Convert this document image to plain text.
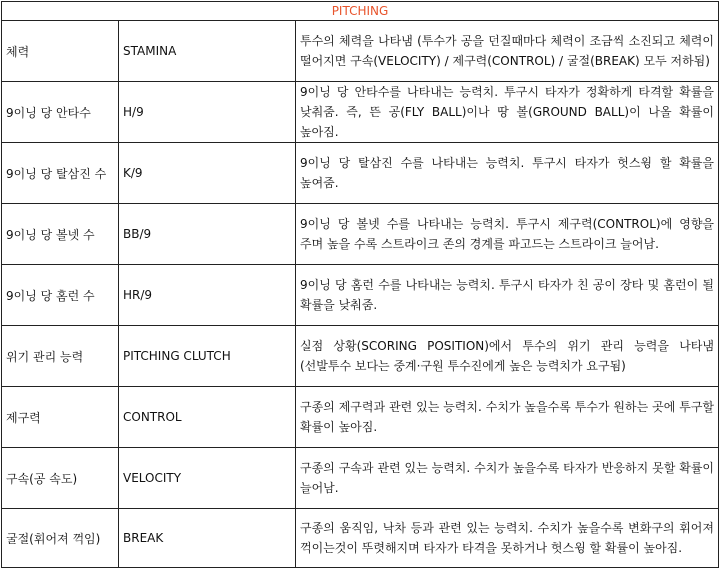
PITCHING		
체력	STAMINA	투수의 체력을 나타냄 (투수가 공을 던질때마다 체력이 조금씩 소진되고 체력이 떨어지면 구속(VELOCITY) / 제구력(CONTROL) / 굴절(BREAK) 모두 저하됨)
9이닝 당 안타수	H/9	9이닝 당 안타수를 나타내는 능력치. 투구시 타자가 정확하게 타격할 확률을 낮춰줌. 즉, 뜬 공(FLY BALL)이나 땅 볼(GROUND BALL)이 나올 확률이 높아짐.
9이닝 당 탈삼진 수	K/9	9이닝 당 탈삼진 수를 나타내는 능력치. 투구시 타자가 헛스윙 할 확률을 높여줌.
9이닝 당 볼넷 수	BB/9	9이닝 당 볼넷 수를 나타내는 능력치. 투구시 제구력(CONTROL)에 영향을 주며 높을 수록 스트라이크 존의 경계를 파고드는 스트라이크 늘어남.
9이닝 당 홈런 수	HR/9	9이닝 당 홈런 수를 나타내는 능력치. 투구시 타자가 친 공이 장타 및 홈런이 될 확률을 낮춰줌.
위기 관리 능력	PITCHING CLUTCH	실점 상황(SCORING POSITION)에서 투수의 위기 관리 능력을 나타냄 (선발투수 보다는 중계·구원 투수진에게 높은 능력치가 요구됨)
제구력	CONTROL	구종의 제구력과 관련 있는 능력치. 수치가 높을수록 투수가 원하는 곳에 투구할 확률이 높아짐.
구속(공 속도)	VELOCITY	구종의 구속과 관련 있는 능력치. 수치가 높을수록 타자가 반응하지 못할 확률이 늘어남.
굴절(휘어져 꺽임)	BREAK	구종의 움직임, 낙차 등과 관련 있는 능력치. 수치가 높을수록 변화구의 휘어져 꺽이는것이 뚜렷해지며 타자가 타격을 못하거나 헛스윙 할 확률이 높아짐.
